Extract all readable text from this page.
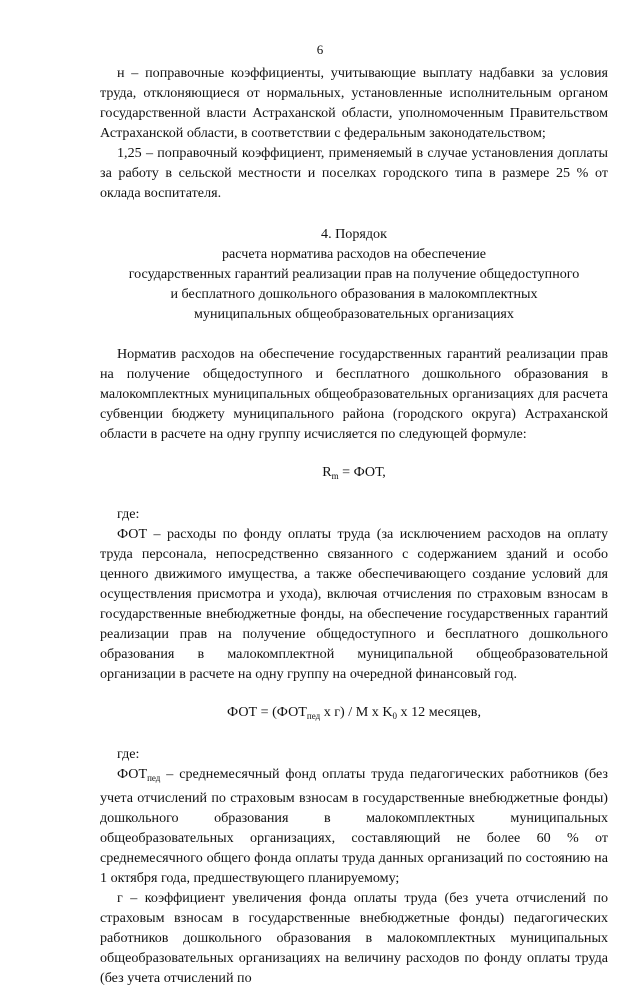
6

н – поправочные коэффициенты, учитывающие выплату надбавки за условия труда, отклоняющиеся от нормальных, установленные исполнительным органом государственной власти Астраханской области, уполномоченным Правительством Астраханской области, в соответствии с федеральным законодательством;

1,25 – поправочный коэффициент, применяемый в случае установления доплаты за работу в сельской местности и поселках городского типа в размере 25 % от оклада воспитателя.

4. Порядок
расчета норматива расходов на обеспечение
государственных гарантий реализации прав на получение общедоступного
и бесплатного дошкольного образования в малокомплектных
муниципальных общеобразовательных организациях

Норматив расходов на обеспечение государственных гарантий реализации прав на получение общедоступного и бесплатного дошкольного образования в малокомплектных муниципальных общеобразовательных организациях для расчета субвенции бюджету муниципального района (городского округа) Астраханской области в расчете на одну группу исчисляется по следующей формуле:

$R_m$ = ФОТ,

где:

ФОТ – расходы по фонду оплаты труда (за исключением расходов на оплату труда персонала, непосредственно связанного с содержанием зданий и особо ценного движимого имущества, а также обеспечивающего создание условий для осуществления присмотра и ухода), включая отчисления по страховым взносам в государственные внебюджетные фонды, на обеспечение государственных гарантий реализации прав на получение общедоступного и бесплатного дошкольного образования в малокомплектной муниципальной общеобразовательной организации в расчете на одну группу на очередной финансовый год.

ФОТ = ($ФОТ_{пед}$ x г) / M x $K_0$ x 12 месяцев,

где:

$ФОТ_{пед}$ – среднемесячный фонд оплаты труда педагогических работников (без учета отчислений по страховым взносам в государственные внебюджетные фонды) дошкольного образования в малокомплектных муниципальных общеобразовательных организациях, составляющий не более 60 % от среднемесячного общего фонда оплаты труда данных организаций по состоянию на 1 октября года, предшествующего планируемому;

г – коэффициент увеличения фонда оплаты труда (без учета отчислений по страховым взносам в государственные внебюджетные фонды) педагогических работников дошкольного образования в малокомплектных муниципальных общеобразовательных организациях на величину расходов по фонду оплаты труда (без учета отчислений по
